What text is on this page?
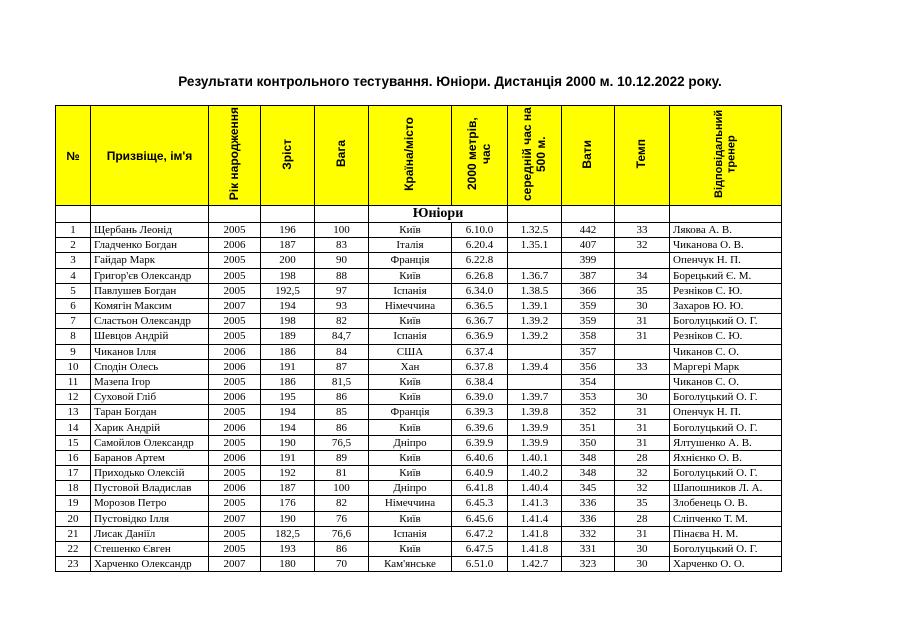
Результати контрольного тестування. Юніори. Дистанція 2000 м. 10.12.2022 року.
№	Призвіще, ім'я	Рік народження	Зріст	Вага	Країна/місто	2000 метрів, час	середній час на 500 м.	Вати	Темп	Відповідальний тренер
					Юніори					
1	Щербань Леонід	2005	196	100	Київ	6.10.0	1.32.5	442	33	Лякова А. В.
2	Гладченко Богдан	2006	187	83	Італія	6.20.4	1.35.1	407	32	Чиканова О. В.
3	Гайдар Марк	2005	200	90	Франція	6.22.8		399		Опенчук Н. П.
4	Григор'єв Олександр	2005	198	88	Київ	6.26.8	1.36.7	387	34	Борецький Є. М.
5	Павлушев Богдан	2005	192,5	97	Іспанія	6.34.0	1.38.5	366	35	Резніков С. Ю.
6	Комягін Максим	2007	194	93	Німеччина	6.36.5	1.39.1	359	30	Захаров Ю. Ю.
7	Сластьон Олександр	2005	198	82	Київ	6.36.7	1.39.2	359	31	Боголуцький О. Г.
8	Шевцов Андрій	2005	189	84,7	Іспанія	6.36.9	1.39.2	358	31	Резніков С. Ю.
9	Чиканов Ілля	2006	186	84	США	6.37.4		357		Чиканов С. О.
10	Сподін Олесь	2006	191	87	Хан	6.37.8	1.39.4	356	33	Маргері Марк
11	Мазепа Ігор	2005	186	81,5	Київ	6.38.4		354		Чиканов С. О.
12	Суховой Гліб	2006	195	86	Київ	6.39.0	1.39.7	353	30	Боголуцький О. Г.
13	Таран Богдан	2005	194	85	Франція	6.39.3	1.39.8	352	31	Опенчук Н. П.
14	Харик Андрій	2006	194	86	Київ	6.39.6	1.39.9	351	31	Боголуцький О. Г.
15	Самойлов Олександр	2005	190	76,5	Дніпро	6.39.9	1.39.9	350	31	Ялтушенко А. В.
16	Баранов Артем	2006	191	89	Київ	6.40.6	1.40.1	348	28	Яхнієнко О. В.
17	Приходько Олексій	2005	192	81	Київ	6.40.9	1.40.2	348	32	Боголуцький О. Г.
18	Пустовой Владислав	2006	187	100	Дніпро	6.41.8	1.40.4	345	32	Шапошников Л. А.
19	Морозов Петро	2005	176	82	Німеччина	6.45.3	1.41.3	336	35	Злобенець О. В.
20	Пустовідко Ілля	2007	190	76	Київ	6.45.6	1.41.4	336	28	Сліпченко Т. М.
21	Лисак Даніїл	2005	182,5	76,6	Іспанія	6.47.2	1.41.8	332	31	Пінаєва Н. М.
22	Стешенко Євген	2005	193	86	Київ	6.47.5	1.41.8	331	30	Боголуцький О. Г.
23	Харченко Олександр	2007	180	70	Кам'янське	6.51.0	1.42.7	323	30	Харченко О. О.
